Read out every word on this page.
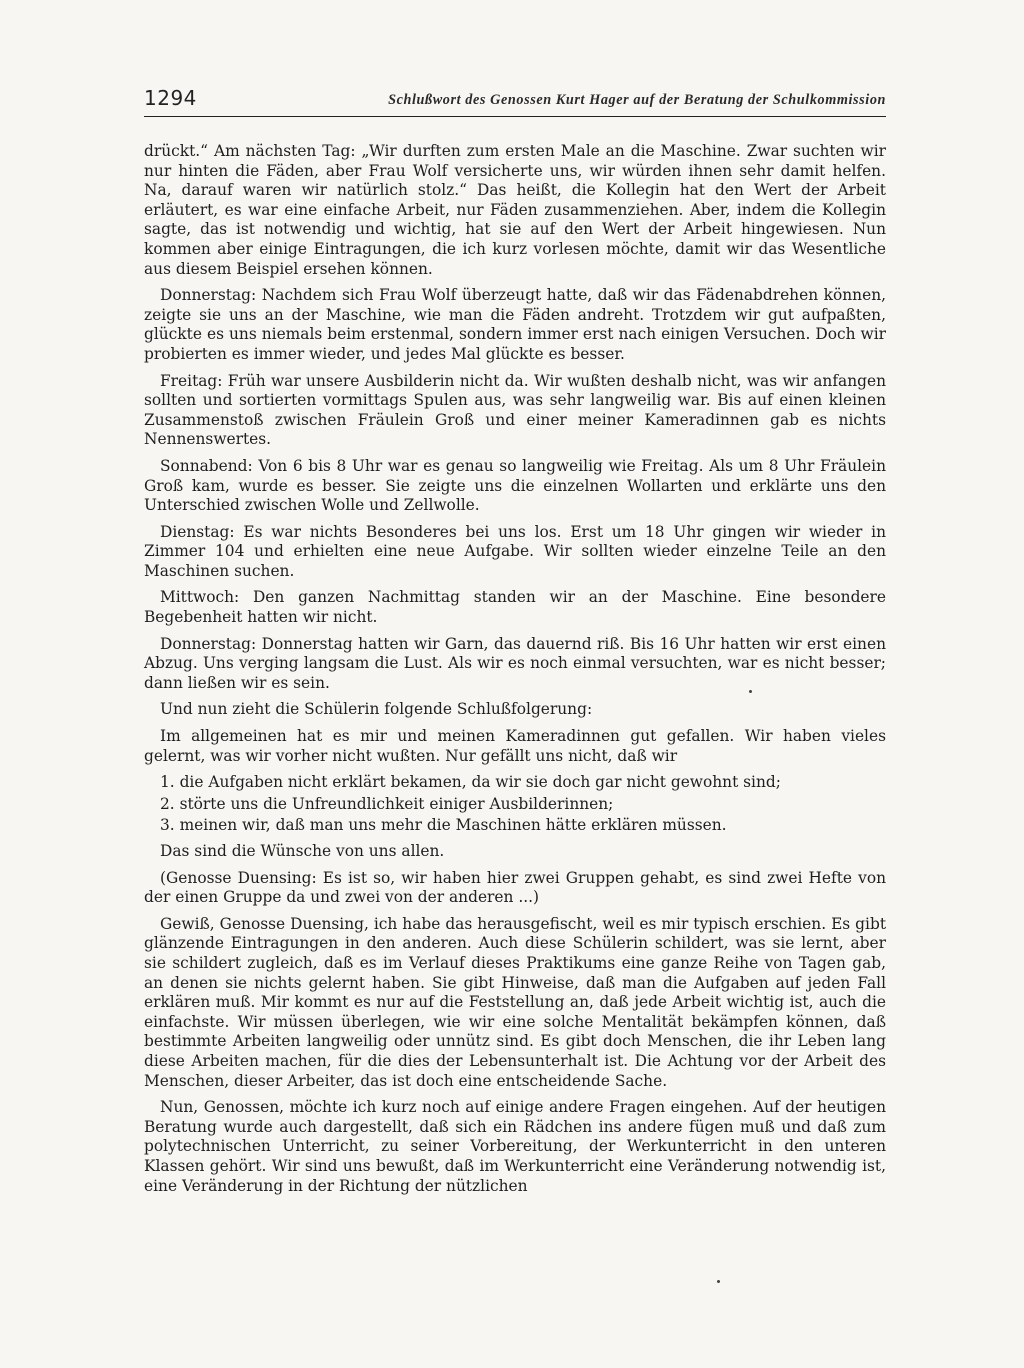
1294	Schlußwort des Genossen Kurt Hager auf der Beratung der Schulkommission

drückt.“ Am nächsten Tag: „Wir durften zum ersten Male an die Maschine. Zwar suchten wir nur hinten die Fäden, aber Frau Wolf versicherte uns, wir würden ihnen sehr damit helfen. Na, darauf waren wir natürlich stolz.“ Das heißt, die Kollegin hat den Wert der Arbeit erläutert, es war eine einfache Arbeit, nur Fäden zusammenziehen. Aber, indem die Kollegin sagte, das ist notwendig und wichtig, hat sie auf den Wert der Arbeit hingewiesen. Nun kommen aber einige Eintragungen, die ich kurz vorlesen möchte, damit wir das Wesentliche aus diesem Beispiel ersehen können.

Donnerstag: Nachdem sich Frau Wolf überzeugt hatte, daß wir das Fädenabdrehen können, zeigte sie uns an der Maschine, wie man die Fäden andreht. Trotzdem wir gut aufpaßten, glückte es uns niemals beim erstenmal, sondern immer erst nach einigen Versuchen. Doch wir probierten es immer wieder, und jedes Mal glückte es besser.

Freitag: Früh war unsere Ausbilderin nicht da. Wir wußten deshalb nicht, was wir anfangen sollten und sortierten vormittags Spulen aus, was sehr langweilig war. Bis auf einen kleinen Zusammenstoß zwischen Fräulein Groß und einer meiner Kameradinnen gab es nichts Nennenswertes.

Sonnabend: Von 6 bis 8 Uhr war es genau so langweilig wie Freitag. Als um 8 Uhr Fräulein Groß kam, wurde es besser. Sie zeigte uns die einzelnen Wollarten und erklärte uns den Unterschied zwischen Wolle und Zellwolle.

Dienstag: Es war nichts Besonderes bei uns los. Erst um 18 Uhr gingen wir wieder in Zimmer 104 und erhielten eine neue Aufgabe. Wir sollten wieder einzelne Teile an den Maschinen suchen.

Mittwoch: Den ganzen Nachmittag standen wir an der Maschine. Eine besondere Begebenheit hatten wir nicht.

Donnerstag: Donnerstag hatten wir Garn, das dauernd riß. Bis 16 Uhr hatten wir erst einen Abzug. Uns verging langsam die Lust. Als wir es noch einmal versuchten, war es nicht besser; dann ließen wir es sein.

Und nun zieht die Schülerin folgende Schlußfolgerung:

Im allgemeinen hat es mir und meinen Kameradinnen gut gefallen. Wir haben vieles gelernt, was wir vorher nicht wußten. Nur gefällt uns nicht, daß wir

1. die Aufgaben nicht erklärt bekamen, da wir sie doch gar nicht gewohnt sind;

2. störte uns die Unfreundlichkeit einiger Ausbilderinnen;

3. meinen wir, daß man uns mehr die Maschinen hätte erklären müssen.

Das sind die Wünsche von uns allen.

(Genosse Duensing: Es ist so, wir haben hier zwei Gruppen gehabt, es sind zwei Hefte von der einen Gruppe da und zwei von der anderen ...)

Gewiß, Genosse Duensing, ich habe das herausgefischt, weil es mir typisch erschien. Es gibt glänzende Eintragungen in den anderen. Auch diese Schülerin schildert, was sie lernt, aber sie schildert zugleich, daß es im Verlauf dieses Praktikums eine ganze Reihe von Tagen gab, an denen sie nichts gelernt haben. Sie gibt Hinweise, daß man die Aufgaben auf jeden Fall erklären muß. Mir kommt es nur auf die Feststellung an, daß jede Arbeit wichtig ist, auch die einfachste. Wir müssen überlegen, wie wir eine solche Mentalität bekämpfen können, daß bestimmte Arbeiten langweilig oder unnütz sind. Es gibt doch Menschen, die ihr Leben lang diese Arbeiten machen, für die dies der Lebensunterhalt ist. Die Achtung vor der Arbeit des Menschen, dieser Arbeiter, das ist doch eine entscheidende Sache.

Nun, Genossen, möchte ich kurz noch auf einige andere Fragen eingehen. Auf der heutigen Beratung wurde auch dargestellt, daß sich ein Rädchen ins andere fügen muß und daß zum polytechnischen Unterricht, zu seiner Vorbereitung, der Werkunterricht in den unteren Klassen gehört. Wir sind uns bewußt, daß im Werkunterricht eine Veränderung notwendig ist, eine Veränderung in der Richtung der nützlichen
